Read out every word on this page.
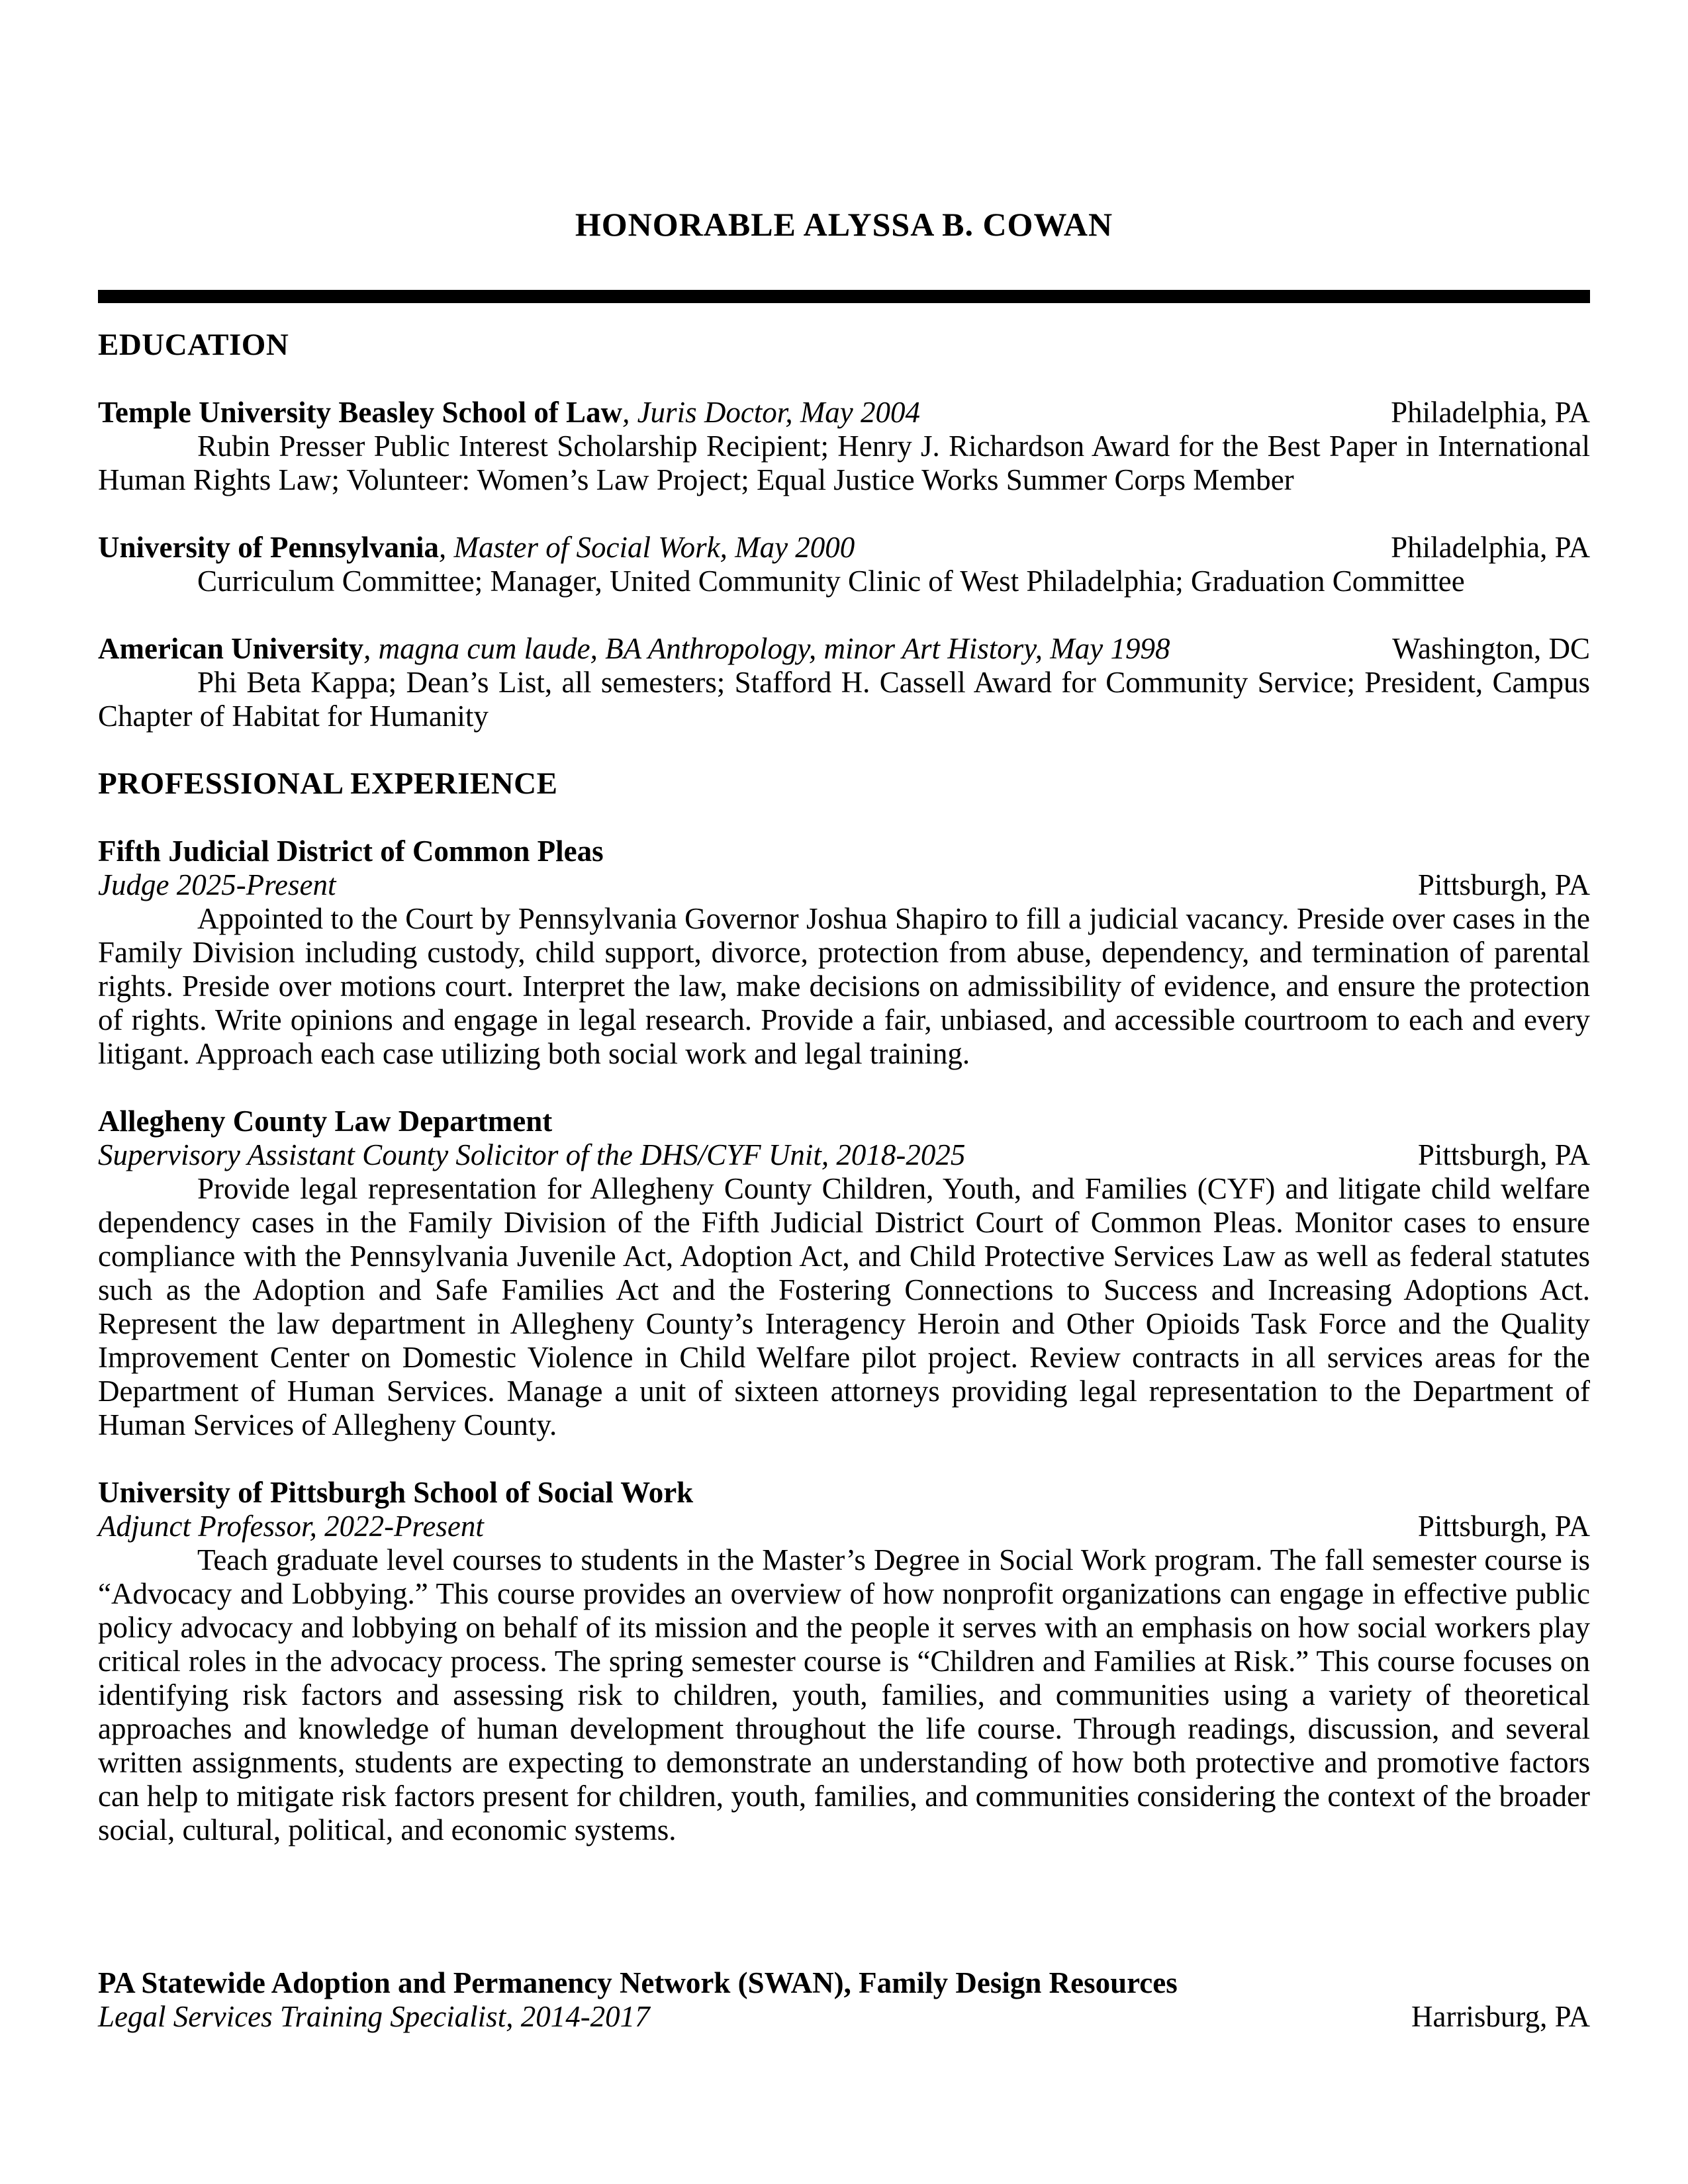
HONORABLE ALYSSA B. COWAN
EDUCATION
Temple University Beasley School of Law, Juris Doctor, May 2004	Philadelphia, PA
Rubin Presser Public Interest Scholarship Recipient; Henry J. Richardson Award for the Best Paper in International Human Rights Law; Volunteer: Women’s Law Project; Equal Justice Works Summer Corps Member
University of Pennsylvania, Master of Social Work, May 2000	Philadelphia, PA
Curriculum Committee; Manager, United Community Clinic of West Philadelphia; Graduation Committee
American University, magna cum laude, BA Anthropology, minor Art History, May 1998	Washington, DC
Phi Beta Kappa; Dean’s List, all semesters; Stafford H. Cassell Award for Community Service; President, Campus Chapter of Habitat for Humanity
PROFESSIONAL EXPERIENCE
Fifth Judicial District of Common Pleas
Judge 2025-Present	Pittsburgh, PA
Appointed to the Court by Pennsylvania Governor Joshua Shapiro to fill a judicial vacancy. Preside over cases in the Family Division including custody, child support, divorce, protection from abuse, dependency, and termination of parental rights. Preside over motions court. Interpret the law, make decisions on admissibility of evidence, and ensure the protection of rights. Write opinions and engage in legal research. Provide a fair, unbiased, and accessible courtroom to each and every litigant. Approach each case utilizing both social work and legal training.
Allegheny County Law Department
Supervisory Assistant County Solicitor of the DHS/CYF Unit, 2018-2025	Pittsburgh, PA
Provide legal representation for Allegheny County Children, Youth, and Families (CYF) and litigate child welfare dependency cases in the Family Division of the Fifth Judicial District Court of Common Pleas. Monitor cases to ensure compliance with the Pennsylvania Juvenile Act, Adoption Act, and Child Protective Services Law as well as federal statutes such as the Adoption and Safe Families Act and the Fostering Connections to Success and Increasing Adoptions Act. Represent the law department in Allegheny County’s Interagency Heroin and Other Opioids Task Force and the Quality Improvement Center on Domestic Violence in Child Welfare pilot project. Review contracts in all services areas for the Department of Human Services. Manage a unit of sixteen attorneys providing legal representation to the Department of Human Services of Allegheny County.
University of Pittsburgh School of Social Work
Adjunct Professor, 2022-Present	Pittsburgh, PA
Teach graduate level courses to students in the Master’s Degree in Social Work program. The fall semester course is “Advocacy and Lobbying.” This course provides an overview of how nonprofit organizations can engage in effective public policy advocacy and lobbying on behalf of its mission and the people it serves with an emphasis on how social workers play critical roles in the advocacy process. The spring semester course is “Children and Families at Risk.” This course focuses on identifying risk factors and assessing risk to children, youth, families, and communities using a variety of theoretical approaches and knowledge of human development throughout the life course. Through readings, discussion, and several written assignments, students are expecting to demonstrate an understanding of how both protective and promotive factors can help to mitigate risk factors present for children, youth, families, and communities considering the context of the broader social, cultural, political, and economic systems.
PA Statewide Adoption and Permanency Network (SWAN), Family Design Resources
Legal Services Training Specialist, 2014-2017	Harrisburg, PA
